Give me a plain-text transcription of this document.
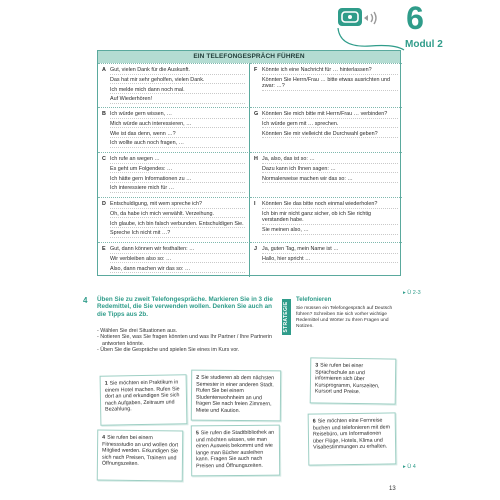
6
Modul 2
EIN TELEFONGESPRÄCH FÜHREN
A Gut, vielen Dank für die Auskunft.
Das hat mir sehr geholfen, vielen Dank.
Ich melde mich dann noch mal.
Auf Wiederhören!
F Könnte ich eine Nachricht für … hinterlassen?
Könnten Sie Herrn/Frau … bitte etwas ausrichten und zwar: …?
B Ich würde gern wissen, …
Mich würde auch interessieren, …
Wie ist das denn, wenn …?
Ich wollte auch noch fragen, …
G Könnten Sie mich bitte mit Herrn/Frau … verbinden?
Ich würde gern mit … sprechen.
Könnten Sie mir vielleicht die Durchwahl geben?
C Ich rufe an wegen …
Es geht um Folgendes: …
Ich hätte gern Informationen zu …
Ich interessiere mich für …
H Ja, also, das ist so: …
Dazu kann ich Ihnen sagen: …
Normalerweise machen wir das so: …
D Entschuldigung, mit wem spreche ich?
Oh, da habe ich mich verwählt. Verzeihung.
Ich glaube, ich bin falsch verbunden. Entschuldigen Sie.
Spreche Ich nicht mit …?
I Könnten Sie das bitte noch einmal wiederholen?
Ich bin mir nicht ganz sicher, ob ich Sie richtig verstanden habe.
Sie meinen also, …
E Gut, dann können wir festhalten: …
Wir verbleiben also so: …
Also, dann machen wir das so: …
J Ja, guten Tag, mein Name ist …
Hallo, hier spricht …
▸ Ü 2-3
4 Üben Sie zu zweit Telefongespräche. Markieren Sie in 3 die Redemittel, die Sie verwenden wollen. Denken Sie auch an die Tipps aus 2b.
- Wählen Sie drei Situationen aus.
- Notieren Sie, was Sie fragen könnten und was Ihr Partner / Ihre Partnerin antworten könnte.
- Üben Sie die Gespräche und spielen Sie eines im Kurs vor.
STRATEGIE
Telefonieren
Sie müssen ein Telefongespräch auf Deutsch führen? Schreiben Sie sich vorher wichtige Redemittel und Wörter zu Ihren Fragen und Notizen.
1 Sie möchten ein Praktikum in einem Hotel machen. Rufen Sie dort an und erkundigen Sie sich nach Aufgaben, Zeitraum und Bezahlung.
2 Sie studieren ab dem nächsten Semester in einer anderen Stadt. Rufen Sie bei einem Studentenwohnheim an und fragen Sie nach freien Zimmern, Miete und Kaution.
3 Sie rufen bei einer Sprachschule an und informieren sich über Kursprogramm, Kurszeiten, Kursort und Preise.
4 Sie rufen bei einem Fitnessstudio an und wollen dort Mitglied werden. Erkundigen Sie sich nach Preisen, Trainern und Öffnungszeiten.
5 Sie rufen die Stadtbibliothek an und möchten wissen, wie man einen Ausweis bekommt und wie lange man Bücher ausleihen kann. Fragen Sie auch nach Preisen und Öffnungszeiten.
6 Sie möchten eine Fernreise buchen und telefonieren mit dem Reisebüro, um Informationen über Flüge, Hotels, Klima und Visabestimmungen zu erhalten.
▸ Ü 4
13
